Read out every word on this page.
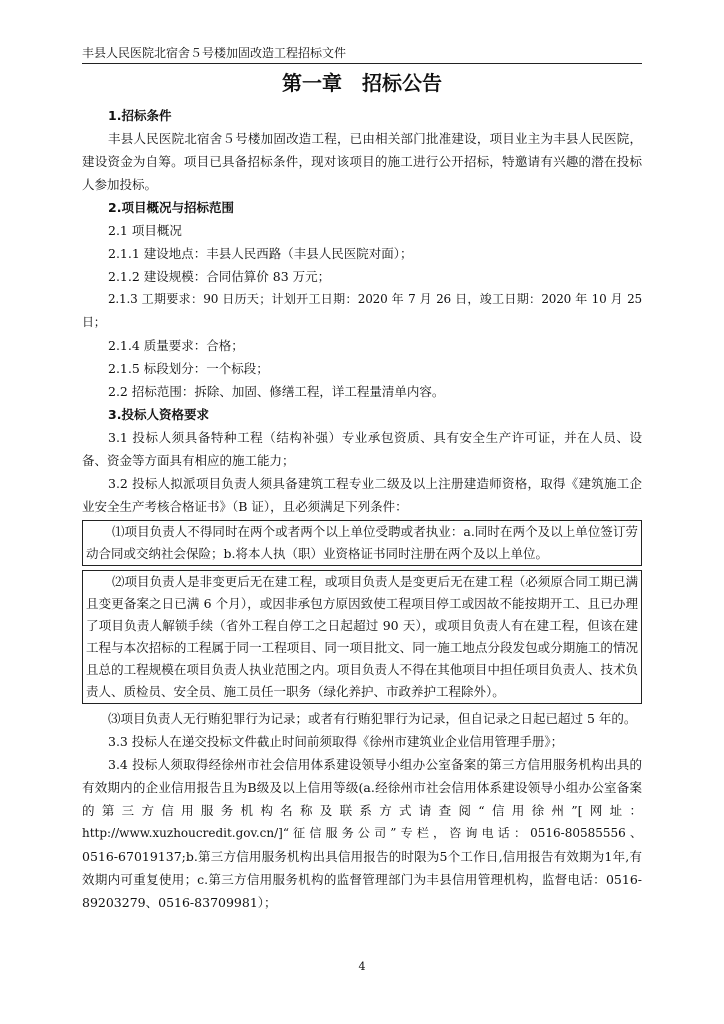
丰县人民医院北宿舍５号楼加固改造工程招标文件
第一章　招标公告

1.招标条件

丰县人民医院北宿舍５号楼加固改造工程，已由相关部门批准建设，项目业主为丰县人民医院，建设资金为自筹。项目已具备招标条件，现对该项目的施工进行公开招标，特邀请有兴趣的潜在投标人参加投标。

2.项目概况与招标范围

2.1 项目概况

2.1.1 建设地点：丰县人民西路（丰县人民医院对面）；

2.1.2 建设规模：合同估算价 83 万元；

2.1.3 工期要求：90 日历天；计划开工日期：2020 年 7 月 26 日，竣工日期：2020 年 10 月 25 日；

2.1.4 质量要求：合格；

2.1.5 标段划分：一个标段；

2.2 招标范围：拆除、加固、修缮工程，详工程量清单内容。

3.投标人资格要求

3.1 投标人须具备特种工程（结构补强）专业承包资质、具有安全生产许可证，并在人员、设备、资金等方面具有相应的施工能力；

3.2 投标人拟派项目负责人须具备建筑工程专业二级及以上注册建造师资格，取得《建筑施工企业安全生产考核合格证书》（B 证），且必须满足下列条件：

⑴项目负责人不得同时在两个或者两个以上单位受聘或者执业：a.同时在两个及以上单位签订劳动合同或交纳社会保险；b.将本人执（职）业资格证书同时注册在两个及以上单位。

⑵项目负责人是非变更后无在建工程，或项目负责人是变更后无在建工程（必须原合同工期已满且变更备案之日已满 6 个月），或因非承包方原因致使工程项目停工或因故不能按期开工、且已办理了项目负责人解锁手续（省外工程自停工之日起超过 90 天），或项目负责人有在建工程，但该在建工程与本次招标的工程属于同一工程项目、同一项目批文、同一施工地点分段发包或分期施工的情况且总的工程规模在项目负责人执业范围之内。项目负责人不得在其他项目中担任项目负责人、技术负责人、质检员、安全员、施工员任一职务（绿化养护、市政养护工程除外）。

⑶项目负责人无行贿犯罪行为记录；或者有行贿犯罪行为记录，但自记录之日起已超过 5 年的。

3.3 投标人在递交投标文件截止时间前须取得《徐州市建筑业企业信用管理手册》；

3.4 投标人须取得经徐州市社会信用体系建设领导小组办公室备案的第三方信用服务机构出具的有效期内的企业信用报告且为B级及以上信用等级(a.经徐州市社会信用体系建设领导小组办公室备案的第三方信用服务机构名称及联系方式请查阅“信用徐州”[网址：

http://www.xuzhoucredit.gov.cn/]“征信服务公司”专栏，咨询电话：0516-80585556、

0516-67019137;b.第三方信用服务机构出具信用报告的时限为5个工作日,信用报告有效期为1年,有效期内可重复使用；c.第三方信用服务机构的监督管理部门为丰县信用管理机构，监督电话：0516-89203279、0516-83709981）；

4
